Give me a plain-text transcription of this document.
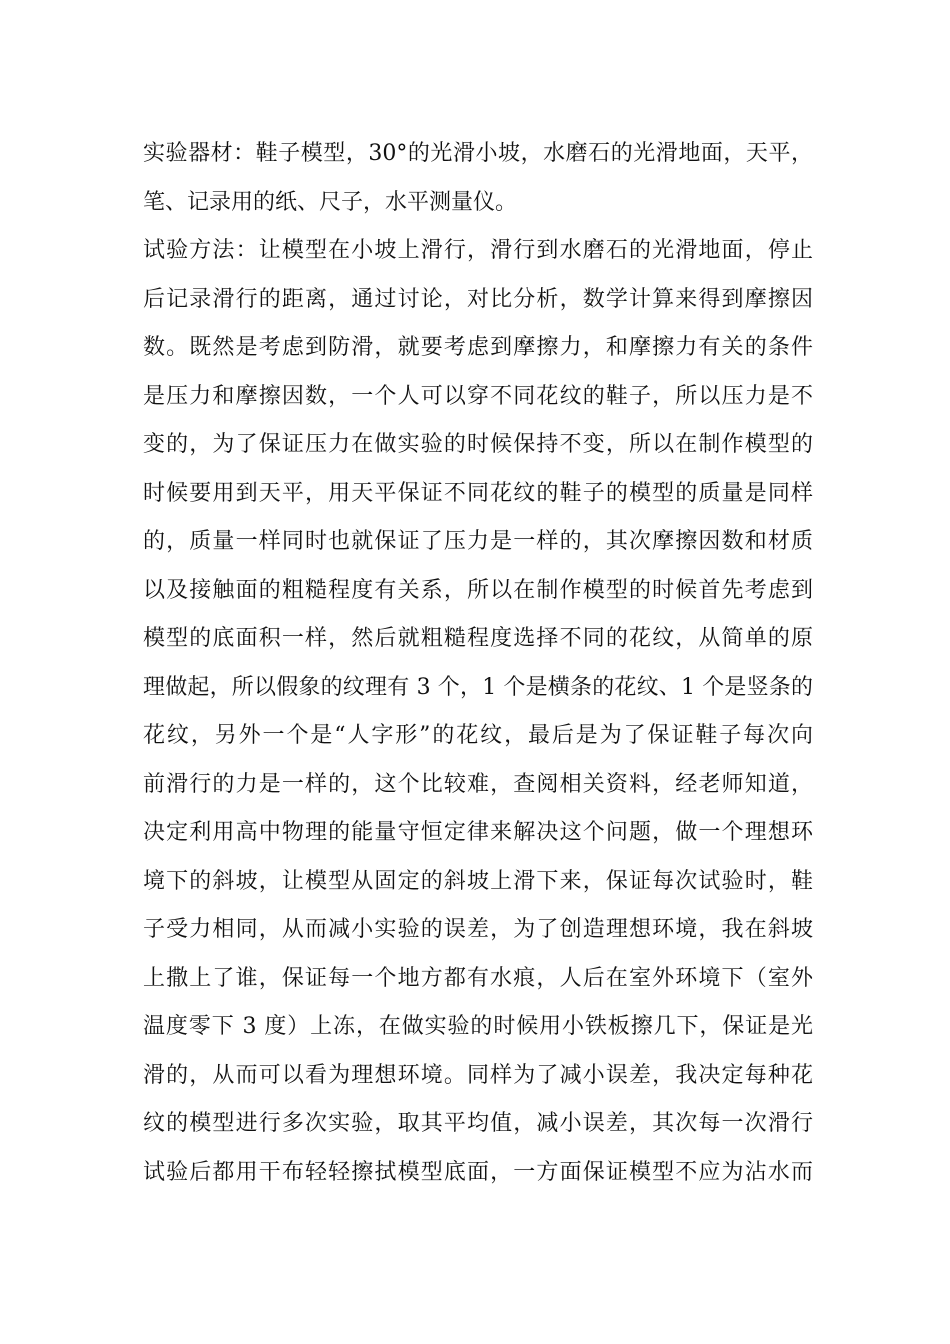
实验器材：鞋子模型，30°的光滑小坡，水磨石的光滑地面，天平，
笔、记录用的纸、尺子，水平测量仪。
试验方法：让模型在小坡上滑行，滑行到水磨石的光滑地面，停止
后记录滑行的距离，通过讨论，对比分析，数学计算来得到摩擦因
数。既然是考虑到防滑，就要考虑到摩擦力，和摩擦力有关的条件
是压力和摩擦因数，一个人可以穿不同花纹的鞋子，所以压力是不
变的，为了保证压力在做实验的时候保持不变，所以在制作模型的
时候要用到天平，用天平保证不同花纹的鞋子的模型的质量是同样
的，质量一样同时也就保证了压力是一样的，其次摩擦因数和材质
以及接触面的粗糙程度有关系，所以在制作模型的时候首先考虑到
模型的底面积一样，然后就粗糙程度选择不同的花纹，从简单的原
理做起，所以假象的纹理有 3 个，1 个是横条的花纹、1 个是竖条的
花纹，另外一个是“人字形”的花纹，最后是为了保证鞋子每次向
前滑行的力是一样的，这个比较难，查阅相关资料，经老师知道，
决定利用高中物理的能量守恒定律来解决这个问题，做一个理想环
境下的斜坡，让模型从固定的斜坡上滑下来，保证每次试验时，鞋
子受力相同，从而减小实验的误差，为了创造理想环境，我在斜坡
上撒上了谁，保证每一个地方都有水痕，人后在室外环境下（室外
温度零下 3 度）上冻，在做实验的时候用小铁板擦几下，保证是光
滑的，从而可以看为理想环境。同样为了减小误差，我决定每种花
纹的模型进行多次实验，取其平均值，减小误差，其次每一次滑行
试验后都用干布轻轻擦拭模型底面，一方面保证模型不应为沾水而
